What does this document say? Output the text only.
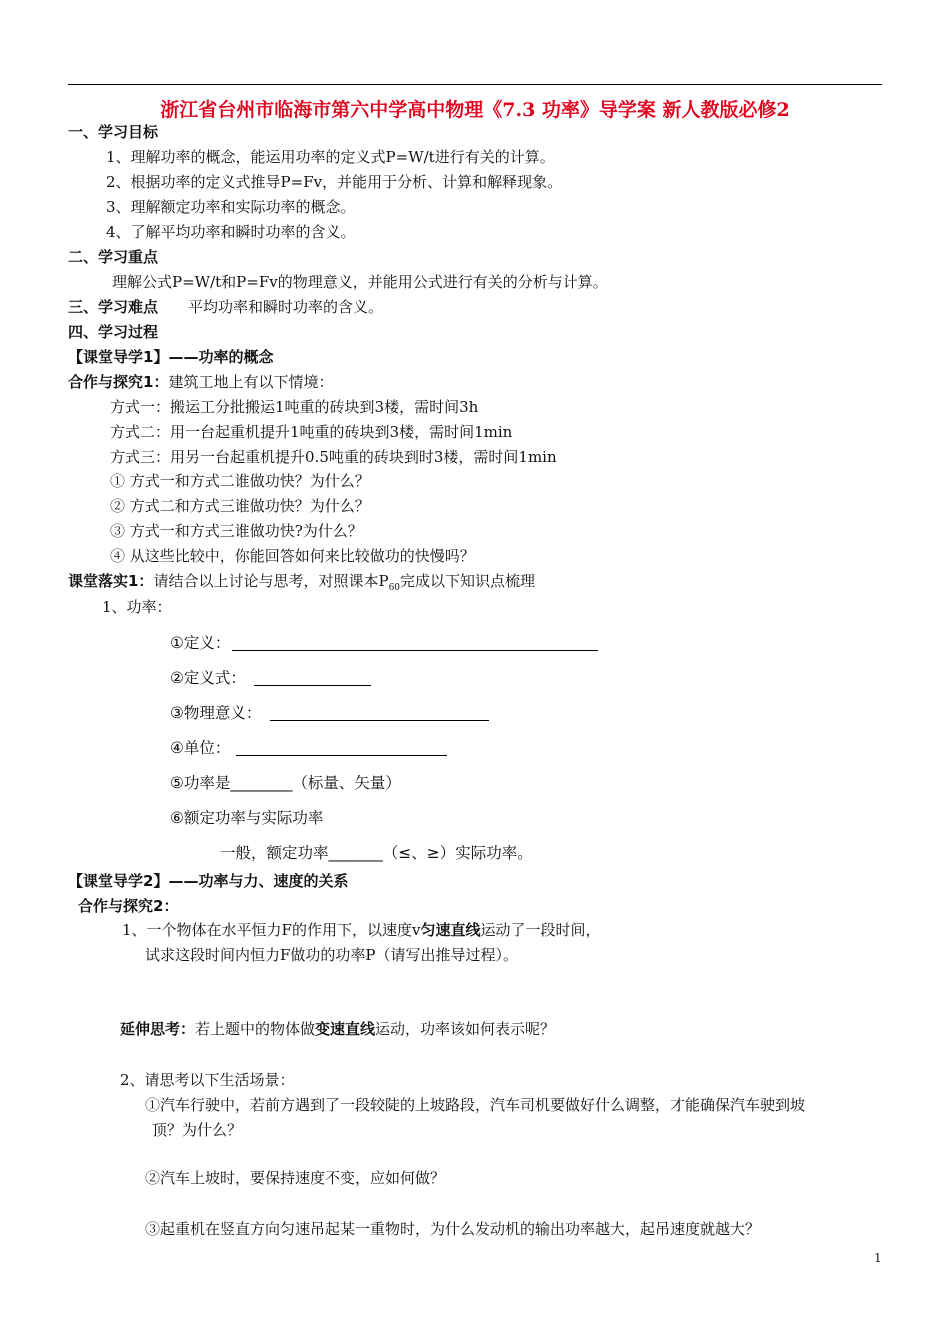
浙江省台州市临海市第六中学高中物理《7.3 功率》导学案 新人教版必修2
一、学习目标
1、理解功率的概念，能运用功率的定义式P=W/t进行有关的计算。
2、根据功率的定义式推导P=Fv，并能用于分析、计算和解释现象。
3、理解额定功率和实际功率的概念。
4、了解平均功率和瞬时功率的含义。
二、学习重点
理解公式P=W/t和P=Fv的物理意义，并能用公式进行有关的分析与计算。
三、学习难点 平均功率和瞬时功率的含义。
四、学习过程
【课堂导学1】——功率的概念
合作与探究1：建筑工地上有以下情境：
方式一：搬运工分批搬运1吨重的砖块到3楼，需时间3h
方式二：用一台起重机提升1吨重的砖块到3楼，需时间1min
方式三：用另一台起重机提升0.5吨重的砖块到时3楼，需时间1min
① 方式一和方式二谁做功快？为什么？
② 方式二和方式三谁做功快？为什么？
③ 方式一和方式三谁做功快?为什么？
④ 从这些比较中，你能回答如何来比较做功的快慢吗？
课堂落实1：请结合以上讨论与思考，对照课本$P_{60}$完成以下知识点梳理
1、功率：
①定义：
②定义式：
③物理意义：
④单位：
⑤功率是________（标量、矢量）
⑥额定功率与实际功率
一般，额定功率_______（≤、≥）实际功率。
【课堂导学2】——功率与力、速度的关系
合作与探究2：
1、一个物体在水平恒力F的作用下，以速度v匀速直线运动了一段时间，
试求这段时间内恒力F做功的功率P（请写出推导过程）。
延伸思考：若上题中的物体做变速直线运动，功率该如何表示呢？
2、请思考以下生活场景：
①汽车行驶中，若前方遇到了一段较陡的上坡路段，汽车司机要做好什么调整，才能确保汽车驶到坡
顶？为什么？
②汽车上坡时，要保持速度不变，应如何做？
③起重机在竖直方向匀速吊起某一重物时，为什么发动机的输出功率越大，起吊速度就越大？
1
